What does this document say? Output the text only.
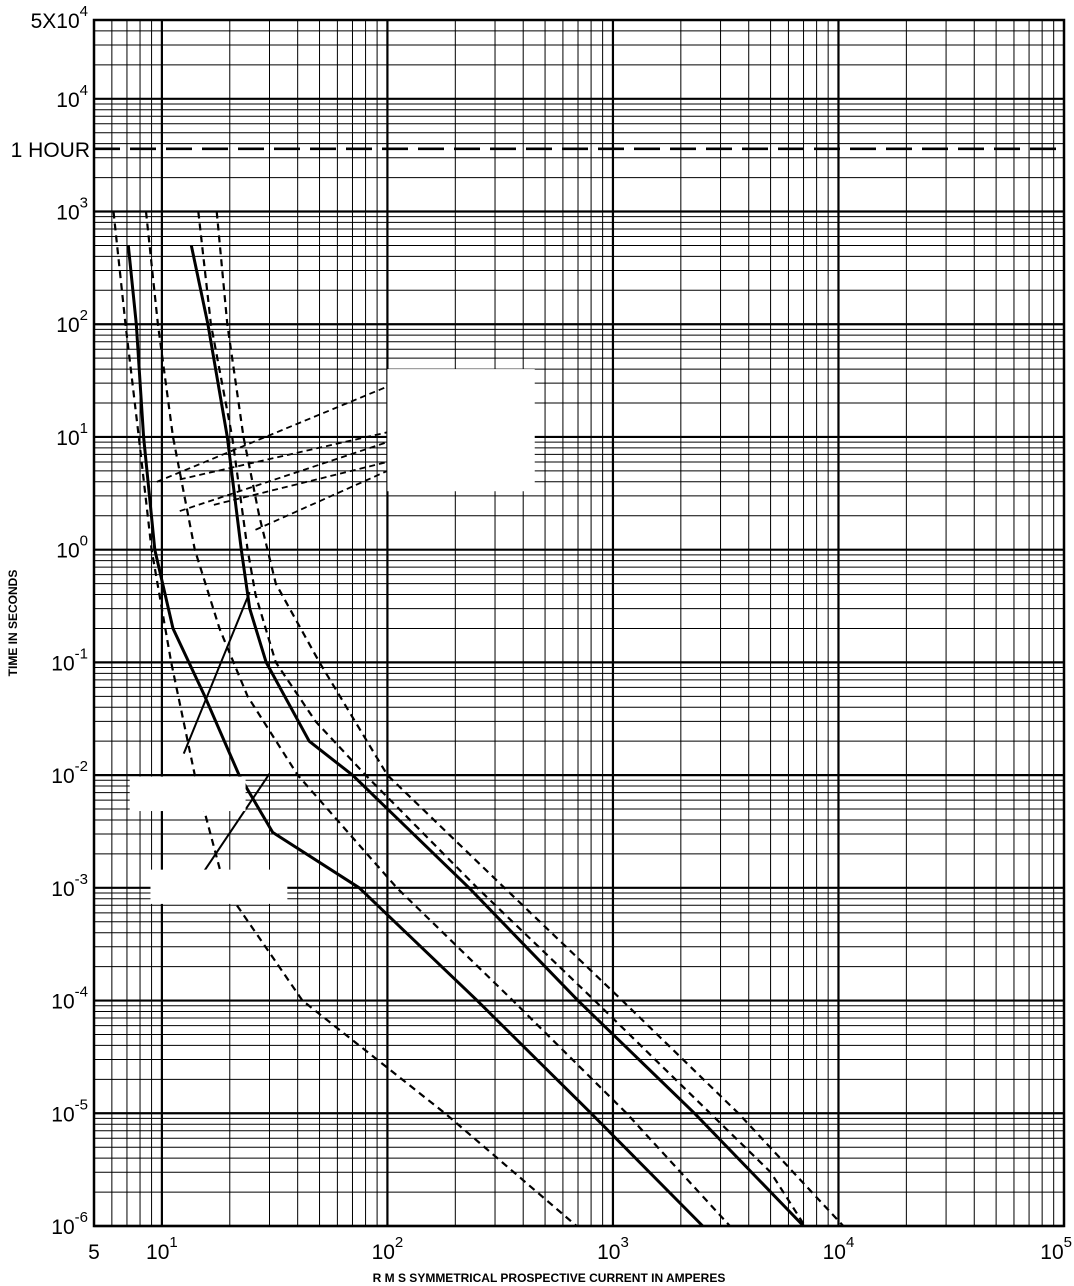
1 HOUR
$5X10^4$
$10^4$
$10^3$
$10^2$
$10^1$
$10^0$
$10^{-1}$
$10^{-2}$
$10^{-3}$
$10^{-4}$
$10^{-5}$
$10^{-6}$
5 $10^1$	$10^2$	$10^3$	$10^4$	$10^5$
TIME IN SECONDS
R M S SYMMETRICAL PROSPECTIVE CURRENT IN AMPERES
